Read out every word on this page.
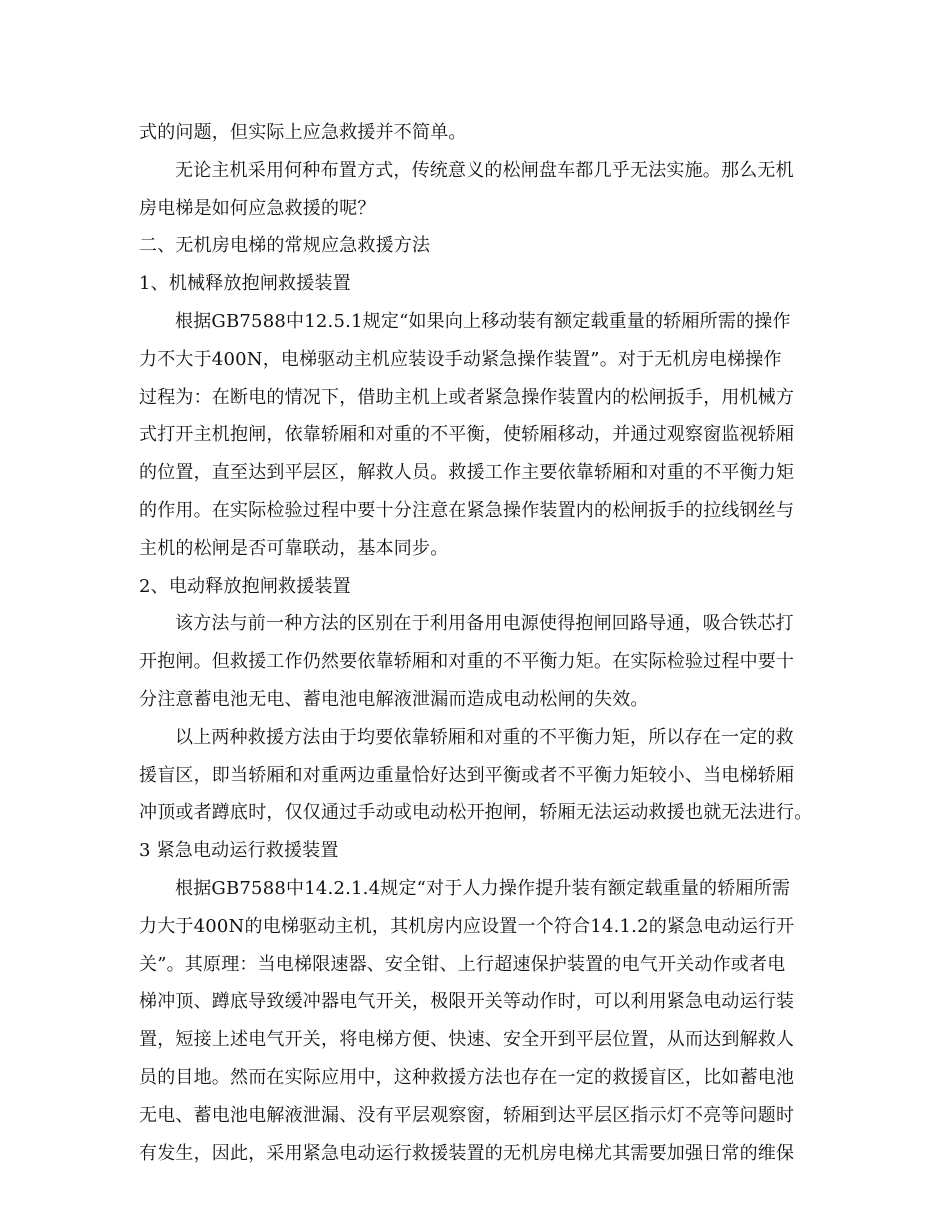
式的问题，但实际上应急救援并不简单。
无论主机采用何种布置方式，传统意义的松闸盘车都几乎无法实施。那么无机
房电梯是如何应急救援的呢？
二、无机房电梯的常规应急救援方法
1、机械释放抱闸救援装置
根据GB7588中12.5.1规定“如果向上移动装有额定载重量的轿厢所需的操作
力不大于400N，电梯驱动主机应装设手动紧急操作装置”。对于无机房电梯操作
过程为：在断电的情况下，借助主机上或者紧急操作装置内的松闸扳手，用机械方
式打开主机抱闸，依靠轿厢和对重的不平衡，使轿厢移动，并通过观察窗监视轿厢
的位置，直至达到平层区，解救人员。救援工作主要依靠轿厢和对重的不平衡力矩
的作用。在实际检验过程中要十分注意在紧急操作装置内的松闸扳手的拉线钢丝与
主机的松闸是否可靠联动，基本同步。
2、电动释放抱闸救援装置
该方法与前一种方法的区别在于利用备用电源使得抱闸回路导通，吸合铁芯打
开抱闸。但救援工作仍然要依靠轿厢和对重的不平衡力矩。在实际检验过程中要十
分注意蓄电池无电、蓄电池电解液泄漏而造成电动松闸的失效。
以上两种救援方法由于均要依靠轿厢和对重的不平衡力矩，所以存在一定的救
援盲区，即当轿厢和对重两边重量恰好达到平衡或者不平衡力矩较小、当电梯轿厢
冲顶或者蹲底时，仅仅通过手动或电动松开抱闸，轿厢无法运动救援也就无法进行。
3 紧急电动运行救援装置
根据GB7588中14.2.1.4规定“对于人力操作提升装有额定载重量的轿厢所需
力大于400N的电梯驱动主机，其机房内应设置一个符合14.1.2的紧急电动运行开
关”。其原理：当电梯限速器、安全钳、上行超速保护装置的电气开关动作或者电
梯冲顶、蹲底导致缓冲器电气开关，极限开关等动作时，可以利用紧急电动运行装
置，短接上述电气开关，将电梯方便、快速、安全开到平层位置，从而达到解救人
员的目地。然而在实际应用中，这种救援方法也存在一定的救援盲区，比如蓄电池
无电、蓄电池电解液泄漏、没有平层观察窗，轿厢到达平层区指示灯不亮等问题时
有发生，因此，采用紧急电动运行救援装置的无机房电梯尤其需要加强日常的维保
